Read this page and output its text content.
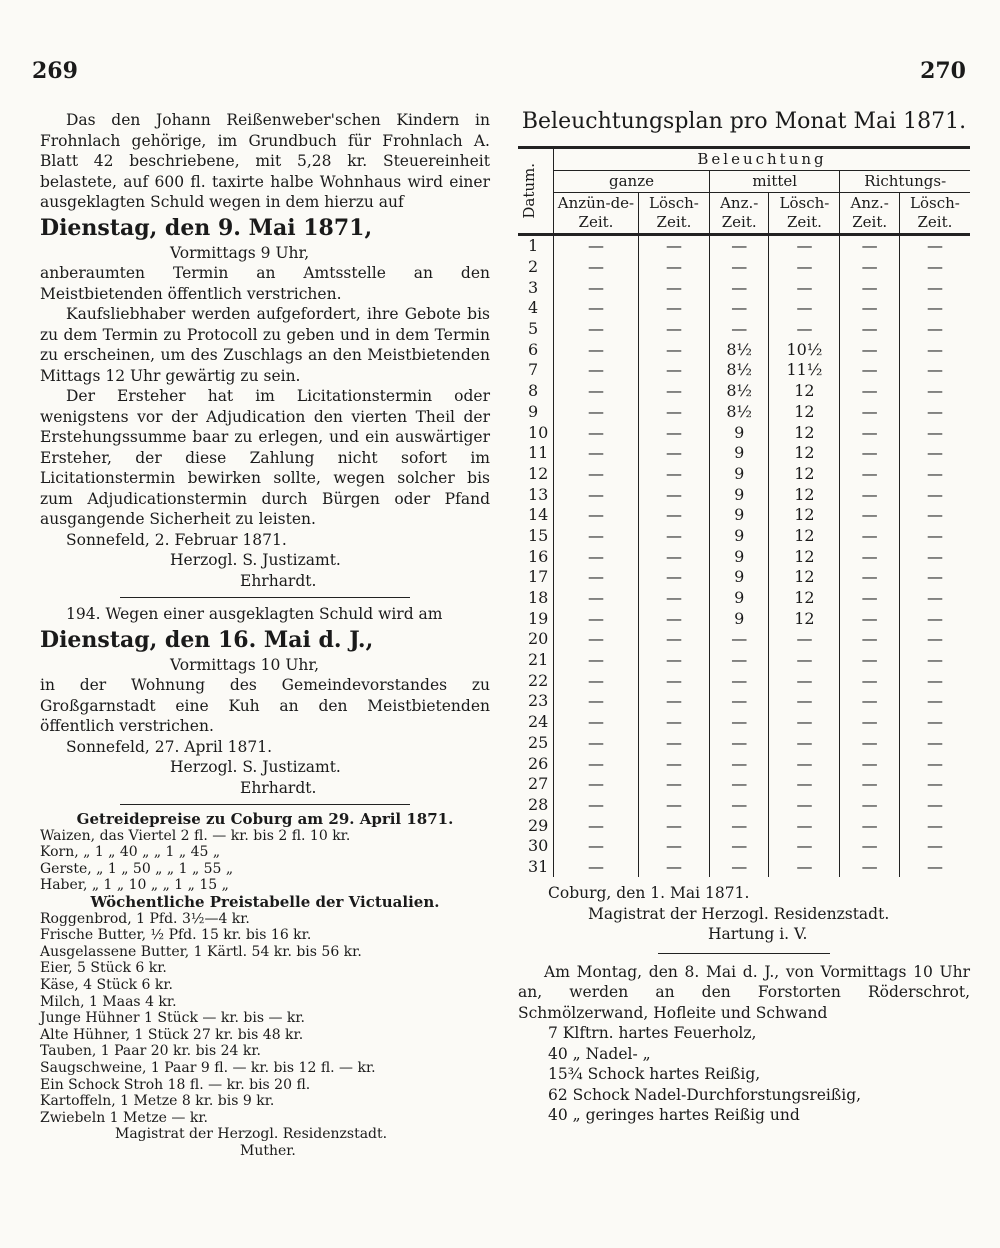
269	270

Das den Johann Reißenweber'schen Kindern in Frohnlach gehörige, im Grundbuch für Frohnlach A. Blatt 42 beschriebene, mit 5,28 kr. Steuereinheit belastete, auf 600 fl. taxirte halbe Wohnhaus wird einer ausgeklagten Schuld wegen in dem hierzu auf

Dienstag, den 9. Mai 1871,
Vormittags 9 Uhr,

anberaumten Termin an Amtsstelle an den Meistbietenden öffentlich verstrichen.

Kaufsliebhaber werden aufgefordert, ihre Gebote bis zu dem Termin zu Protocoll zu geben und in dem Termin zu erscheinen, um des Zuschlags an den Meistbietenden Mittags 12 Uhr gewärtig zu sein.

Der Ersteher hat im Licitationstermin oder wenigstens vor der Adjudication den vierten Theil der Erstehungssumme baar zu erlegen, und ein auswärtiger Ersteher, der diese Zahlung nicht sofort im Licitationstermin bewirken sollte, wegen solcher bis zum Adjudicationstermin durch Bürgen oder Pfand ausgangende Sicherheit zu leisten.

Sonnefeld, 2. Februar 1871.
Herzogl. S. Justizamt.
Ehrhardt.

194. Wegen einer ausgeklagten Schuld wird am

Dienstag, den 16. Mai d. J.,
Vormittags 10 Uhr,

in der Wohnung des Gemeindevorstandes zu Großgarnstadt eine Kuh an den Meistbietenden öffentlich verstrichen.

Sonnefeld, 27. April 1871.
Herzogl. S. Justizamt.
Ehrhardt.

Getreidepreise zu Coburg am 29. April 1871.

Waizen, das Viertel 2 fl. — kr. bis 2 fl. 10 kr.

Korn, „ 1 „ 40 „ „ 1 „ 45 „

Gerste, „ 1 „ 50 „ „ 1 „ 55 „

Haber, „ 1 „ 10 „ „ 1 „ 15 „

Wöchentliche Preistabelle der Victualien.

Roggenbrod, 1 Pfd. 3½—4 kr.

Frische Butter, ½ Pfd. 15 kr. bis 16 kr.

Ausgelassene Butter, 1 Kärtl. 54 kr. bis 56 kr.

Eier, 5 Stück 6 kr.

Käse, 4 Stück 6 kr.

Milch, 1 Maas 4 kr.

Junge Hühner 1 Stück — kr. bis — kr.

Alte Hühner, 1 Stück 27 kr. bis 48 kr.

Tauben, 1 Paar 20 kr. bis 24 kr.

Saugschweine, 1 Paar 9 fl. — kr. bis 12 fl. — kr.

Ein Schock Stroh 18 fl. — kr. bis 20 fl.

Kartoffeln, 1 Metze 8 kr. bis 9 kr.

Zwiebeln 1 Metze — kr.

Magistrat der Herzogl. Residenzstadt.

Muther.

Beleuchtungsplan pro Monat Mai 1871.
Datum.	Beleuchtung					
	ganze		mittel		Richtungs-	
	Anzün-de-Zeit.	Lösch-Zeit.	Anz.-Zeit.	Lösch-Zeit.	Anz.-Zeit.	Lösch-Zeit.
1	—	—	—	—	—	—
2	—	—	—	—	—	—
3	—	—	—	—	—	—
4	—	—	—	—	—	—
5	—	—	—	—	—	—
6	—	—	8½	10½	—	—
7	—	—	8½	11½	—	—
8	—	—	8½	12	—	—
9	—	—	8½	12	—	—
10	—	—	9	12	—	—
11	—	—	9	12	—	—
12	—	—	9	12	—	—
13	—	—	9	12	—	—
14	—	—	9	12	—	—
15	—	—	9	12	—	—
16	—	—	9	12	—	—
17	—	—	9	12	—	—
18	—	—	9	12	—	—
19	—	—	9	12	—	—
20	—	—	—	—	—	—
21	—	—	—	—	—	—
22	—	—	—	—	—	—
23	—	—	—	—	—	—
24	—	—	—	—	—	—
25	—	—	—	—	—	—
26	—	—	—	—	—	—
27	—	—	—	—	—	—
28	—	—	—	—	—	—
29	—	—	—	—	—	—
30	—	—	—	—	—	—
31	—	—	—	—	—	—
Coburg, den 1. Mai 1871.
Magistrat der Herzogl. Residenzstadt.
Hartung i. V.

Am Montag, den 8. Mai d. J., von Vormittags 10 Uhr an, werden an den Forstorten Röderschrot, Schmölzerwand, Hofleite und Schwand

7 Klftrn. hartes Feuerholz,
40 „ Nadel- „
15¾ Schock hartes Reißig,
62 Schock Nadel-Durchforstungsreißig,
40 „ geringes hartes Reißig und
